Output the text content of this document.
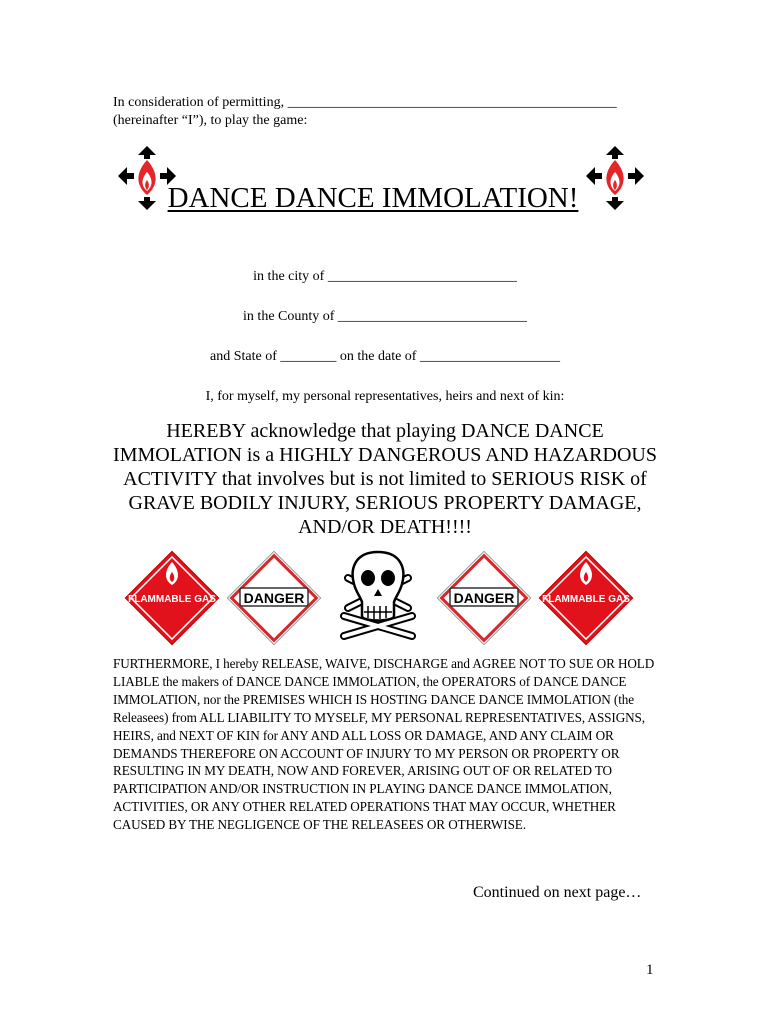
In consideration of permitting, _______________________________________________
(hereinafter “I”), to play the game:
DANCE DANCE IMMOLATION!
in the city of ___________________________
in the County of ___________________________
and State of ________ on the date of ____________________
I, for myself, my personal representatives, heirs and next of kin:
HEREBY acknowledge that playing DANCE DANCE IMMOLATION is a HIGHLY DANGEROUS AND HAZARDOUS ACTIVITY that involves but is not limited to SERIOUS RISK of GRAVE BODILY INJURY, SERIOUS PROPERTY DAMAGE, AND/OR DEATH!!!!
FLAMMABLE GAS DANGER	DANGER	FLAMMABLE GAS
FURTHERMORE, I hereby RELEASE, WAIVE, DISCHARGE and AGREE NOT TO SUE OR HOLD LIABLE the makers of DANCE DANCE IMMOLATION, the OPERATORS of DANCE DANCE IMMOLATION, nor the PREMISES WHICH IS HOSTING DANCE DANCE IMMOLATION (the Releasees) from ALL LIABILITY TO MYSELF, MY PERSONAL REPRESENTATIVES, ASSIGNS, HEIRS, and NEXT OF KIN for ANY AND ALL LOSS OR DAMAGE, AND ANY CLAIM OR DEMANDS THEREFORE ON ACCOUNT OF INJURY TO MY PERSON OR PROPERTY OR RESULTING IN MY DEATH, NOW AND FOREVER, ARISING OUT OF OR RELATED TO PARTICIPATION AND/OR INSTRUCTION IN PLAYING DANCE DANCE IMMOLATION, ACTIVITIES, OR ANY OTHER RELATED OPERATIONS THAT MAY OCCUR, WHETHER CAUSED BY THE NEGLIGENCE OF THE RELEASEES OR OTHERWISE.
Continued on next page…
1
